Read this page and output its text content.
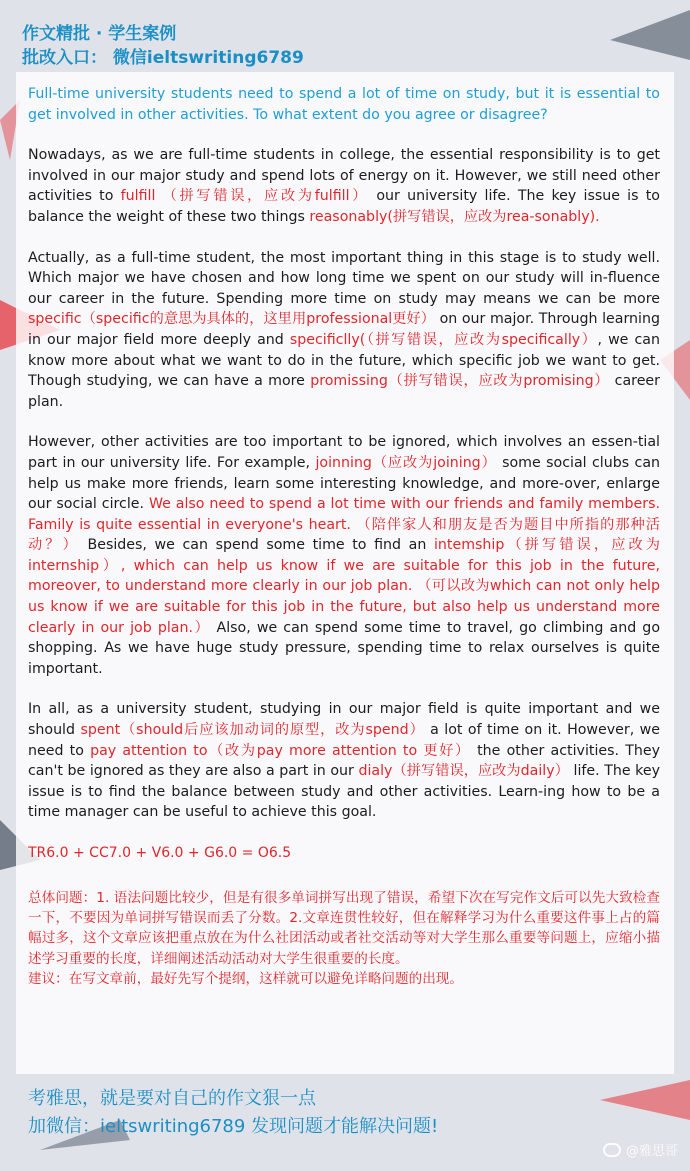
作文精批 · 学生案例
批改入口： 微信ieltswriting6789

Full-time university students need to spend a lot of time on study, but it is essential to get involved in other activities. To what extent do you agree or disagree?

Nowadays, as we are full-time students in college, the essential responsibility is to get involved in our major study and spend lots of energy on it. However, we still need other activities to fulfill （拼写错误，应改为fulfill） our university life. The key issue is to balance the weight of these two things reasonably(拼写错误，应改为rea-sonably).

Actually, as a full-time student, the most important thing in this stage is to study well. Which major we have chosen and how long time we spent on our study will in-fluence our career in the future. Spending more time on study may means we can be more specific（specific的意思为具体的，这里用professional更好） on our major. Through learning in our major field more deeply and specificlly(（拼写错误，应改为specifically）, we can know more about what we want to do in the future, which specific job we want to get. Though studying, we can have a more promissing（拼写错误，应改为promising） career plan.

However, other activities are too important to be ignored, which involves an essen-tial part in our university life. For example, joinning（应改为joining） some social clubs can help us make more friends, learn some interesting knowledge, and more-over, enlarge our social circle. We also need to spend a lot time with our friends and family members. Family is quite essential in everyone's heart. （陪伴家人和朋友是否为题目中所指的那种活动？） Besides, we can spend some time to find an intemship（拼写错误，应改为internship）, which can help us know if we are suitable for this job in the future, moreover, to understand more clearly in our job plan. （可以改为which can not only help us know if we are suitable for this job in the future, but also help us understand more clearly in our job plan.） Also, we can spend some time to travel, go climbing and go shopping. As we have huge study pressure, spending time to relax ourselves is quite important.

In all, as a university student, studying in our major field is quite important and we should spent（should后应该加动词的原型，改为spend） a lot of time on it. However, we need to pay attention to（改为pay more attention to 更好） the other activities. They can't be ignored as they are also a part in our dialy（拼写错误，应改为daily） life. The key issue is to find the balance between study and other activities. Learn-ing how to be a time manager can be useful to achieve this goal.

TR6.0 + CC7.0 + V6.0 + G6.0 = O6.5

总体问题：1. 语法问题比较少，但是有很多单词拼写出现了错误，希望下次在写完作文后可以先大致检查一下，不要因为单词拼写错误而丢了分数。2.文章连贯性较好，但在解释学习为什么重要这件事上占的篇幅过多，这个文章应该把重点放在为什么社团活动或者社交活动等对大学生那么重要等问题上，应缩小描述学习重要的长度，详细阐述活动活动对大学生很重要的长度。

建议：在写文章前，最好先写个提纲，这样就可以避免详略问题的出现。

考雅思，就是要对自己的作文狠一点
加微信：ieltswriting6789 发现问题才能解决问题!
@雅思哥
